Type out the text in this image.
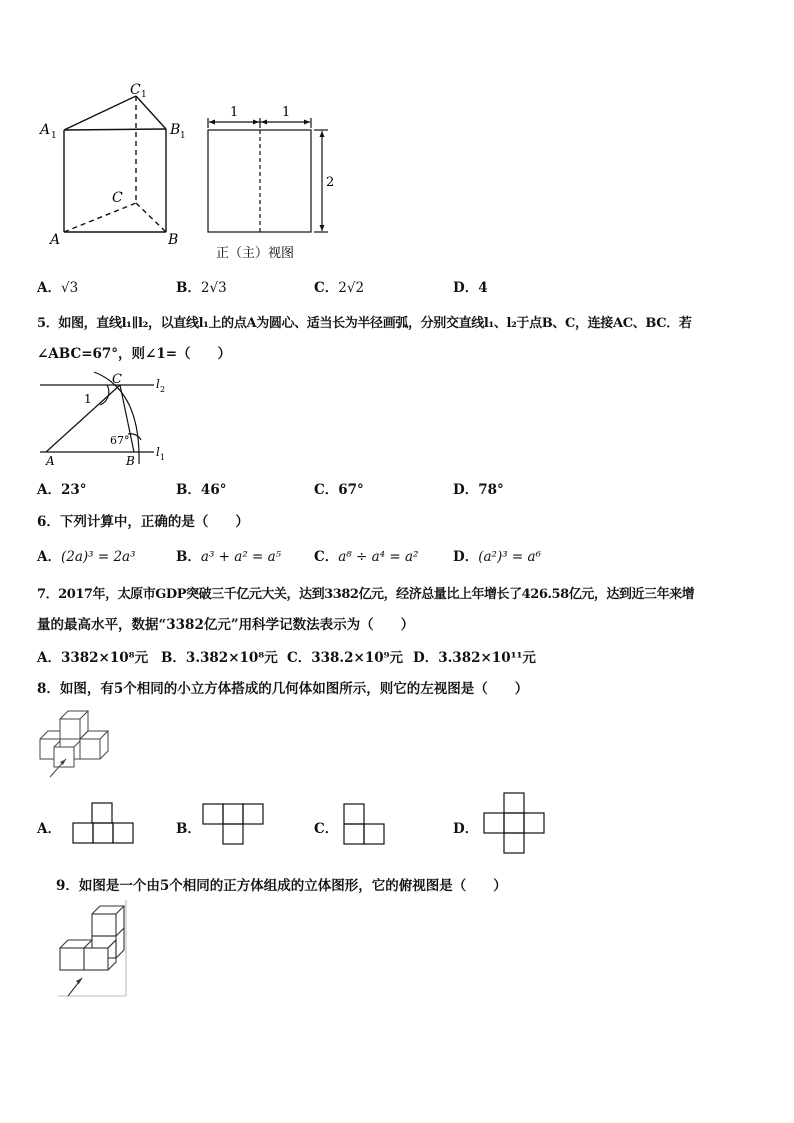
A 1
C 1
B 1
C
A	B
1	1
2
正（主）视图
A．√3	B．2√3	C．2√2	D．4
5．如图，直线l₁∥l₂，以直线l₁上的点A为圆心、适当长为半径画弧，分别交直线l₁、l₂于点B、C，连接AC、BC．若
∠ABC=67°，则∠1=（　　）
C	l 2
1
67°
A	B
l 1
A．23°	B．46°	C．67°	D．78°
6．下列计算中，正确的是（　　）
A．(2a)³ = 2a³	B．a³ + a² = a⁵ C．a⁸ ÷ a⁴ = a²	D．(a²)³ = a⁶
7．2017年，太原市GDP突破三千亿元大关，达到3382亿元，经济总量比上年增长了426.58亿元，达到近三年来增
量的最高水平，数据“3382亿元”用科学记数法表示为（　　）
A．3382×10⁸元 B．3.382×10⁸元 C．338.2×10⁹元 D．3.382×10¹¹元
8．如图，有5个相同的小立方体搭成的几何体如图所示，则它的左视图是（　　）
A．	B．	C．	D．
9．如图是一个由5个相同的正方体组成的立体图形，它的俯视图是（　　）
